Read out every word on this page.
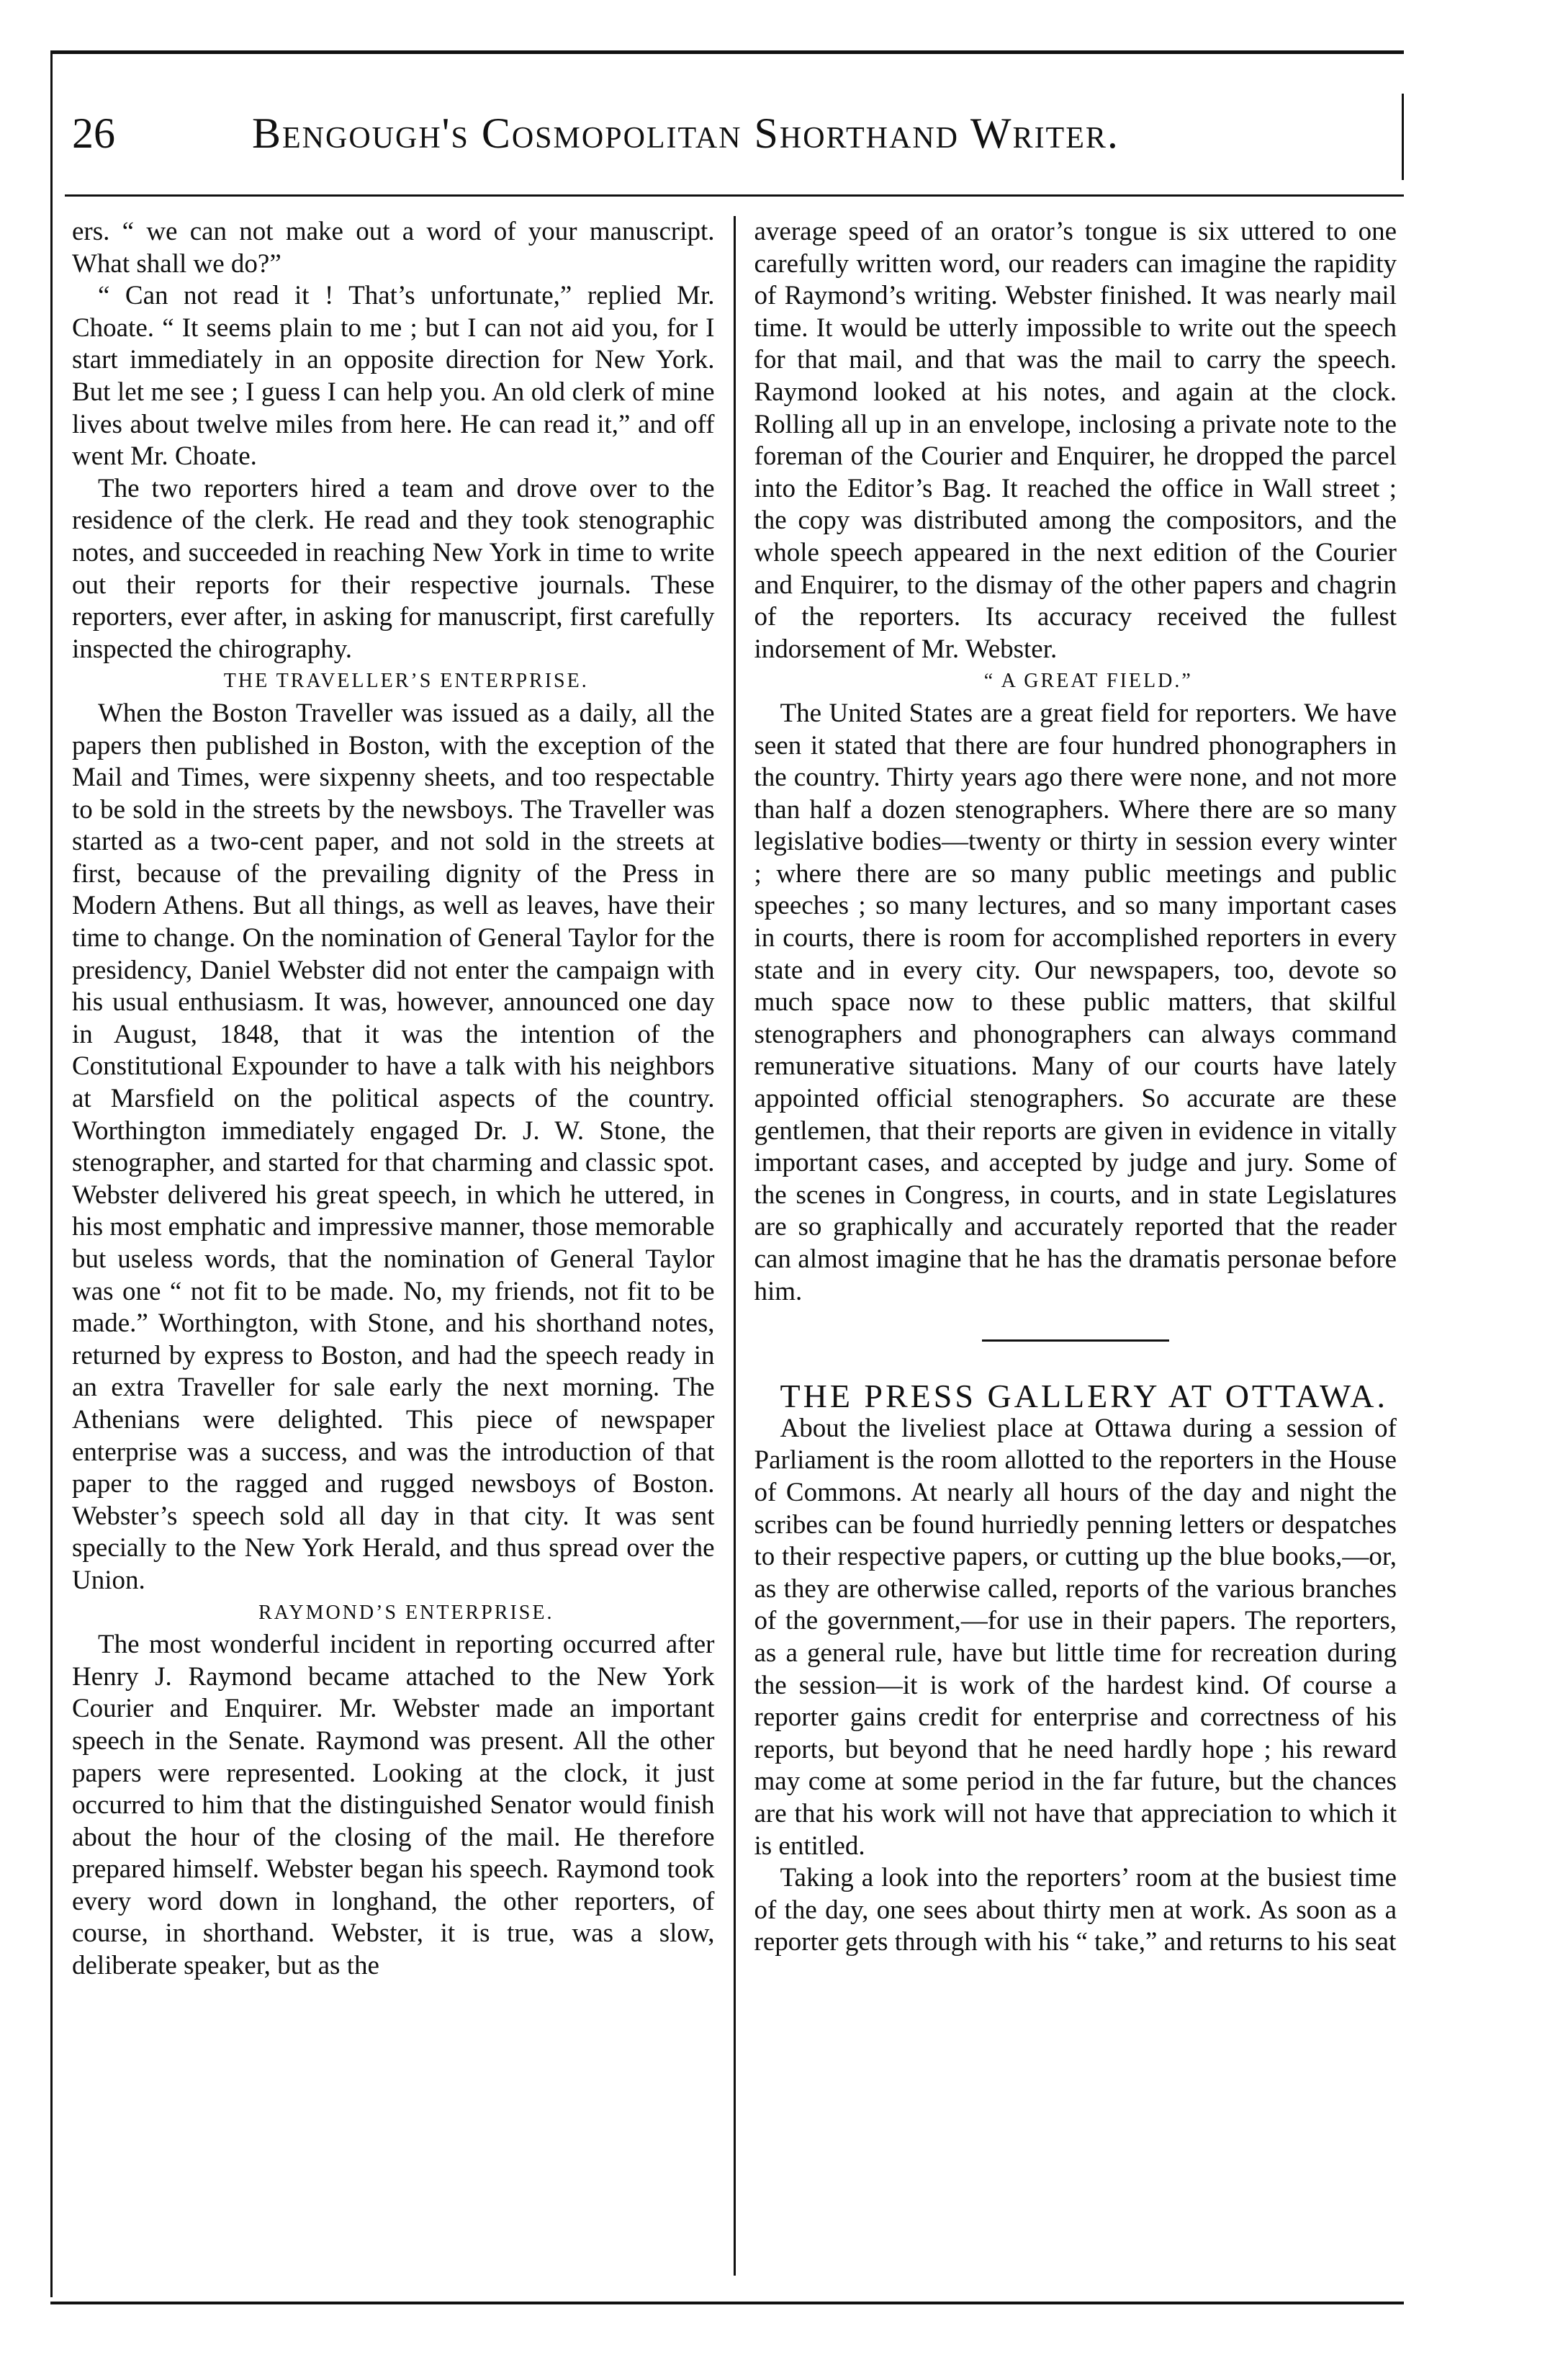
26	Bengough's Cosmopolitan Shorthand Writer.

ers. “ we can not make out a word of your manuscript. What shall we do?”

“ Can not read it ! That’s unfortunate,” replied Mr. Choate. “ It seems plain to me ; but I can not aid you, for I start immediately in an opposite direction for New York. But let me see ; I guess I can help you. An old clerk of mine lives about twelve miles from here. He can read it,” and off went Mr. Choate.

The two reporters hired a team and drove over to the residence of the clerk. He read and they took stenographic notes, and succeeded in reaching New York in time to write out their reports for their respective journals. These reporters, ever after, in asking for manuscript, first carefully inspected the chirography.

THE TRAVELLER’S ENTERPRISE.

When the Boston Traveller was issued as a daily, all the papers then published in Boston, with the exception of the Mail and Times, were sixpenny sheets, and too respectable to be sold in the streets by the newsboys. The Traveller was started as a two-cent paper, and not sold in the streets at first, because of the prevailing dignity of the Press in Modern Athens. But all things, as well as leaves, have their time to change. On the nomination of General Taylor for the presidency, Daniel Webster did not enter the campaign with his usual enthusiasm. It was, however, announced one day in August, 1848, that it was the intention of the Constitutional Expounder to have a talk with his neighbors at Marsfield on the political aspects of the country. Worthington immediately engaged Dr. J. W. Stone, the stenographer, and started for that charming and classic spot. Webster delivered his great speech, in which he uttered, in his most emphatic and impressive manner, those memorable but useless words, that the nomination of General Taylor was one “ not fit to be made. No, my friends, not fit to be made.” Worthington, with Stone, and his shorthand notes, returned by express to Boston, and had the speech ready in an extra Traveller for sale early the next morning. The Athenians were delighted. This piece of newspaper enterprise was a success, and was the introduction of that paper to the ragged and rugged newsboys of Boston. Webster’s speech sold all day in that city. It was sent specially to the New York Herald, and thus spread over the Union.

RAYMOND’S ENTERPRISE.

The most wonderful incident in reporting occurred after Henry J. Raymond became attached to the New York Courier and Enquirer. Mr. Webster made an important speech in the Senate. Raymond was present. All the other papers were represented. Looking at the clock, it just occurred to him that the distinguished Senator would finish about the hour of the closing of the mail. He therefore prepared himself. Webster began his speech. Raymond took every word down in longhand, the other reporters, of course, in shorthand. Webster, it is true, was a slow, deliberate speaker, but as the

average speed of an orator’s tongue is six uttered to one carefully written word, our readers can imagine the rapidity of Raymond’s writing. Webster finished. It was nearly mail time. It would be utterly impossible to write out the speech for that mail, and that was the mail to carry the speech. Raymond looked at his notes, and again at the clock. Rolling all up in an envelope, inclosing a private note to the foreman of the Courier and Enquirer, he dropped the parcel into the Editor’s Bag. It reached the office in Wall street ; the copy was distributed among the compositors, and the whole speech appeared in the next edition of the Courier and Enquirer, to the dismay of the other papers and chagrin of the reporters. Its accuracy received the fullest indorsement of Mr. Webster.

“ A GREAT FIELD.”

The United States are a great field for reporters. We have seen it stated that there are four hundred phonographers in the country. Thirty years ago there were none, and not more than half a dozen stenographers. Where there are so many legislative bodies—twenty or thirty in session every winter ; where there are so many public meetings and public speeches ; so many lectures, and so many important cases in courts, there is room for accomplished reporters in every state and in every city. Our newspapers, too, devote so much space now to these public matters, that skilful stenographers and phonographers can always command remunerative situations. Many of our courts have lately appointed official stenographers. So accurate are these gentlemen, that their reports are given in evidence in vitally important cases, and accepted by judge and jury. Some of the scenes in Congress, in courts, and in state Legislatures are so graphically and accurately reported that the reader can almost imagine that he has the dramatis personae before him.

THE PRESS GALLERY AT OTTAWA.

About the liveliest place at Ottawa during a session of Parliament is the room allotted to the reporters in the House of Commons. At nearly all hours of the day and night the scribes can be found hurriedly penning letters or despatches to their respective papers, or cutting up the blue books,—or, as they are otherwise called, reports of the various branches of the government,—for use in their papers. The reporters, as a general rule, have but little time for recreation during the session—it is work of the hardest kind. Of course a reporter gains credit for enterprise and correctness of his reports, but beyond that he need hardly hope ; his reward may come at some period in the far future, but the chances are that his work will not have that appreciation to which it is entitled.

Taking a look into the reporters’ room at the busiest time of the day, one sees about thirty men at work. As soon as a reporter gets through with his “ take,” and returns to his seat
